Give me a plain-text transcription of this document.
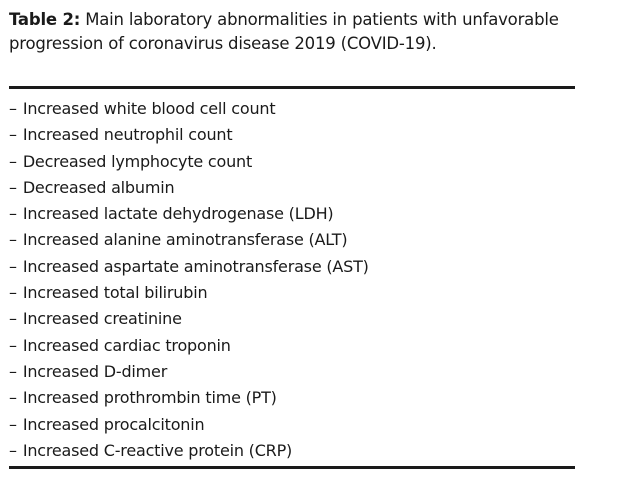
Table 2: Main laboratory abnormalities in patients with unfavorable progression of coronavirus disease 2019 (COVID-19).

– Increased white blood cell count
– Increased neutrophil count
– Decreased lymphocyte count
– Decreased albumin
– Increased lactate dehydrogenase (LDH)
– Increased alanine aminotransferase (ALT)
– Increased aspartate aminotransferase (AST)
– Increased total bilirubin
– Increased creatinine
– Increased cardiac troponin
– Increased D-dimer
– Increased prothrombin time (PT)
– Increased procalcitonin
– Increased C-reactive protein (CRP)
